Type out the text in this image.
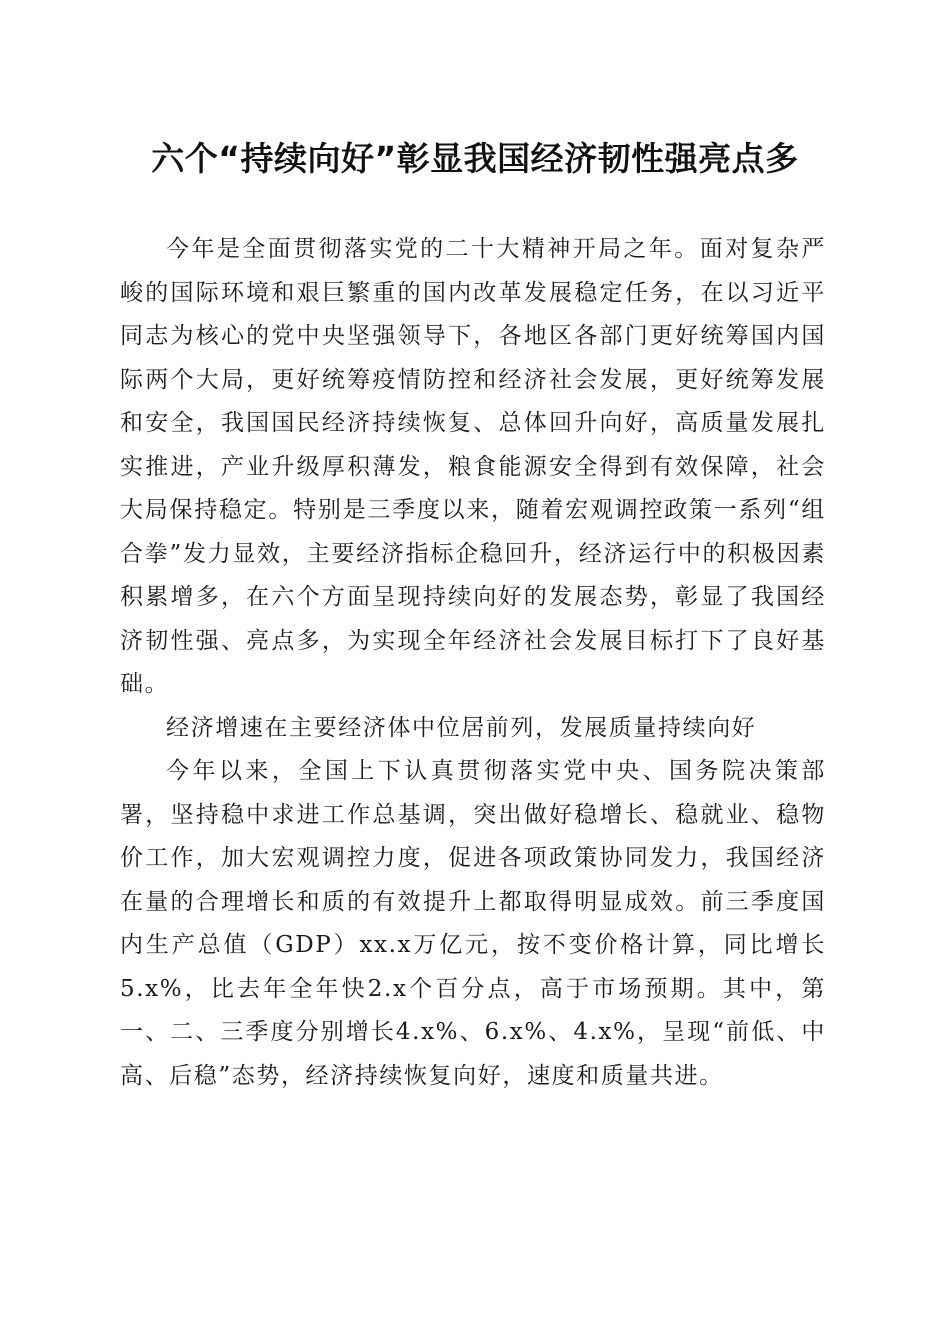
六个“持续向好”彰显我国经济韧性强亮点多

今年是全面贯彻落实党的二十大精神开局之年。面对复杂严峻的国际环境和艰巨繁重的国内改革发展稳定任务，在以习近平同志为核心的党中央坚强领导下，各地区各部门更好统筹国内国际两个大局，更好统筹疫情防控和经济社会发展，更好统筹发展和安全，我国国民经济持续恢复、总体回升向好，高质量发展扎实推进，产业升级厚积薄发，粮食能源安全得到有效保障，社会大局保持稳定。特别是三季度以来，随着宏观调控政策一系列“组合拳”发力显效，主要经济指标企稳回升，经济运行中的积极因素积累增多，在六个方面呈现持续向好的发展态势，彰显了我国经济韧性强、亮点多，为实现全年经济社会发展目标打下了良好基础。

经济增速在主要经济体中位居前列，发展质量持续向好

今年以来，全国上下认真贯彻落实党中央、国务院决策部署，坚持稳中求进工作总基调，突出做好稳增长、稳就业、稳物价工作，加大宏观调控力度，促进各项政策协同发力，我国经济在量的合理增长和质的有效提升上都取得明显成效。前三季度国内生产总值（GDP）xx.x万亿元，按不变价格计算，同比增长5.x%，比去年全年快2.x个百分点，高于市场预期。其中，第一、二、三季度分别增长4.x%、6.x%、4.x%，呈现“前低、中高、后稳”态势，经济持续恢复向好，速度和质量共进。
